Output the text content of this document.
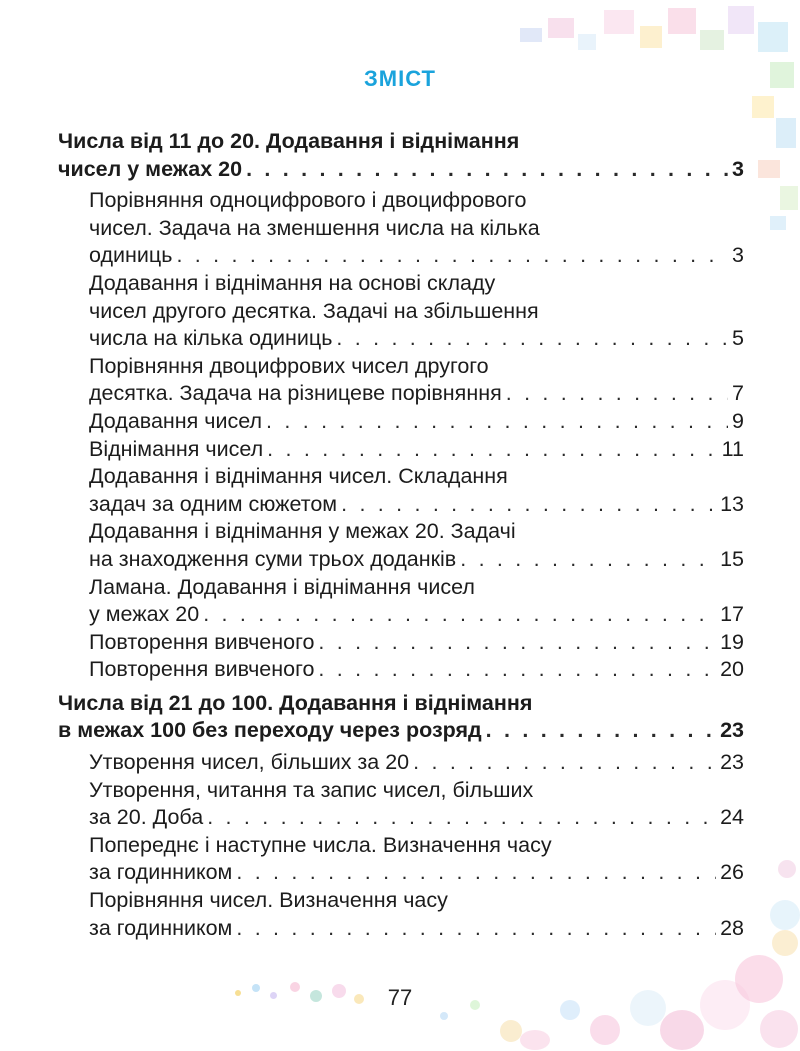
ЗМІСТ
Числа від 11 до 20. Додавання і віднімання
чисел у межах 20 . . .	3
Порівняння одноцифрового і двоцифрового
чисел. Задача на зменшення числа на кілька
одиниць . . .	3
Додавання і віднімання на основі складу
чисел другого десятка. Задачі на збільшення
числа на кілька одиниць . . .	5
Порівняння двоцифрових чисел другого
десятка. Задача на різницеве порівняння . . .	7
Додавання чисел . . .	9
Віднімання чисел . . .	11
Додавання і віднімання чисел. Складання
задач за одним сюжетом . . .	13
Додавання і віднімання у межах 20. Задачі
на знаходження суми трьох доданків . . .	15
Ламана. Додавання і віднімання чисел
у межах 20 . . .	17
Повторення вивченого . . .	19
Повторення вивченого . . .	20
Числа від 21 до 100. Додавання і віднімання
в межах 100 без переходу через розряд . . .	23
Утворення чисел, більших за 20 . . .	23
Утворення, читання та запис чисел, більших
за 20. Доба . . .	24
Попереднє і наступне числа. Визначення часу
за годинником . . .	26
Порівняння чисел. Визначення часу
за годинником . . .	28
77
